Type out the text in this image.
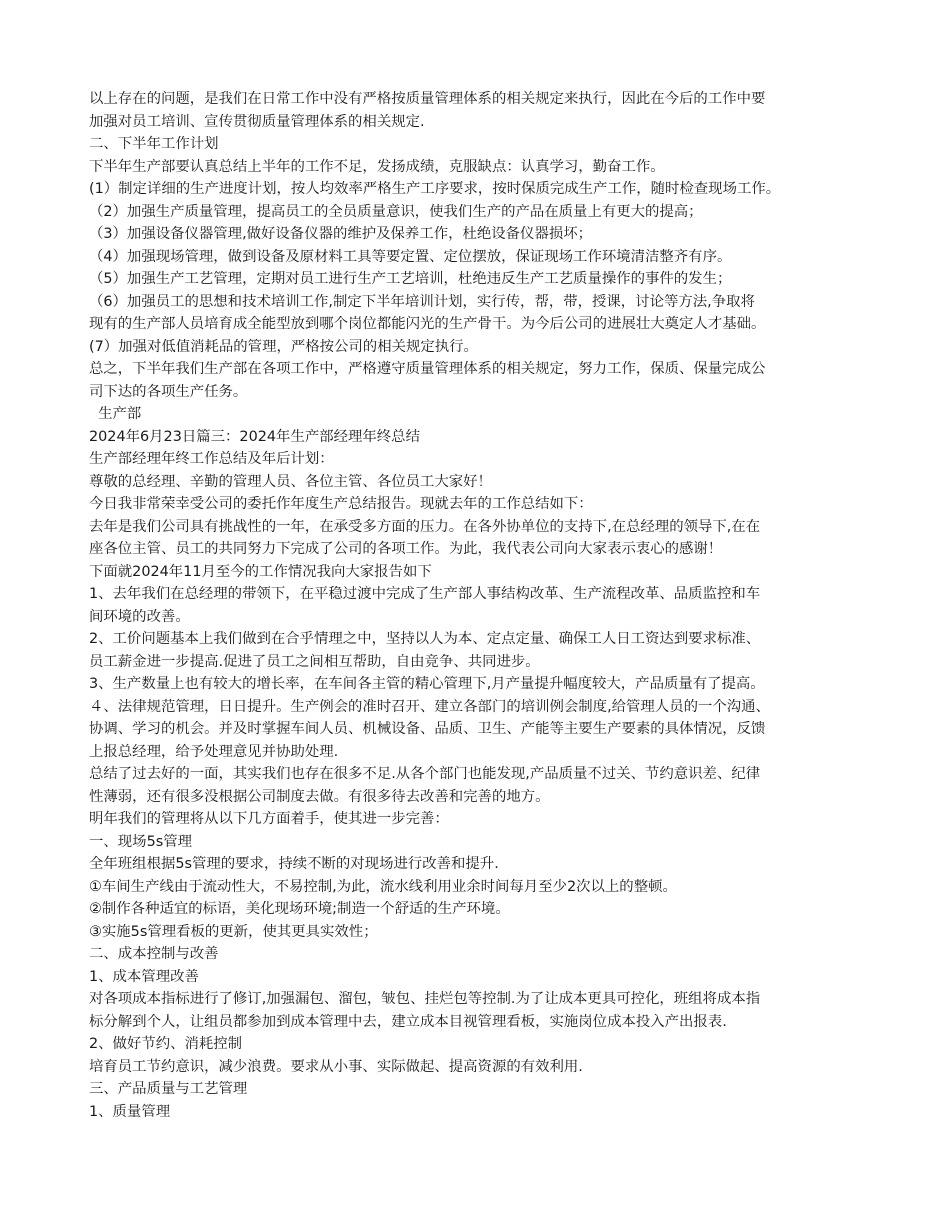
以上存在的问题，是我们在日常工作中没有严格按质量管理体系的相关规定来执行，因此在今后的工作中要
加强对员工培训、宣传贯彻质量管理体系的相关规定.
二、下半年工作计划
下半年生产部要认真总结上半年的工作不足，发扬成绩，克服缺点：认真学习，勤奋工作。
(1）制定详细的生产进度计划，按人均效率严格生产工序要求，按时保质完成生产工作，随时检查现场工作。
（2）加强生产质量管理，提高员工的全员质量意识，使我们生产的产品在质量上有更大的提高；
（3）加强设备仪器管理,做好设备仪器的维护及保养工作，杜绝设备仪器损坏；
（4）加强现场管理，做到设备及原材料工具等要定置、定位摆放，保证现场工作环境清洁整齐有序。
（5）加强生产工艺管理，定期对员工进行生产工艺培训，杜绝违反生产工艺质量操作的事件的发生；
（6）加强员工的思想和技术培训工作,制定下半年培训计划，实行传，帮，带，授课，讨论等方法,争取将
现有的生产部人员培育成全能型放到哪个岗位都能闪光的生产骨干。为今后公司的进展壮大奠定人才基础。
(7）加强对低值消耗品的管理，严格按公司的相关规定执行。
总之，下半年我们生产部在各项工作中，严格遵守质量管理体系的相关规定，努力工作，保质、保量完成公
司下达的各项生产任务。
生产部
2024年6月23日篇三：2024年生产部经理年终总结
生产部经理年终工作总结及年后计划：
尊敬的总经理、辛勤的管理人员、各位主管、各位员工大家好！
今日我非常荣幸受公司的委托作年度生产总结报告。现就去年的工作总结如下：
去年是我们公司具有挑战性的一年，在承受多方面的压力。在各外协单位的支持下,在总经理的领导下,在在
座各位主管、员工的共同努力下完成了公司的各项工作。为此，我代表公司向大家表示衷心的感谢！
下面就2024年11月至今的工作情况我向大家报告如下
1、去年我们在总经理的带领下，在平稳过渡中完成了生产部人事结构改革、生产流程改革、品质监控和车
间环境的改善。
2、工价问题基本上我们做到在合乎情理之中，坚持以人为本、定点定量、确保工人日工资达到要求标准、
员工薪金进一步提高.促进了员工之间相互帮助，自由竞争、共同进步。
3、生产数量上也有较大的增长率，在车间各主管的精心管理下,月产量提升幅度较大，产品质量有了提高。
４、法律规范管理，日日提升。生产例会的准时召开、建立各部门的培训例会制度,给管理人员的一个沟通、
协调、学习的机会。并及时掌握车间人员、机械设备、品质、卫生、产能等主要生产要素的具体情况，反馈
上报总经理，给予处理意见并协助处理.
总结了过去好的一面，其实我们也存在很多不足.从各个部门也能发现,产品质量不过关、节约意识差、纪律
性薄弱，还有很多没根据公司制度去做。有很多待去改善和完善的地方。
明年我们的管理将从以下几方面着手，使其进一步完善：
一、现场5s管理
全年班组根据5s管理的要求，持续不断的对现场进行改善和提升.
①车间生产线由于流动性大，不易控制,为此，流水线利用业余时间每月至少2次以上的整顿。
②制作各种适宜的标语，美化现场环境;制造一个舒适的生产环境。
③实施5s管理看板的更新，使其更具实效性；
二、成本控制与改善
1、成本管理改善
对各项成本指标进行了修订,加强漏包、溜包，皱包、挂烂包等控制.为了让成本更具可控化，班组将成本指
标分解到个人，让组员都参加到成本管理中去，建立成本目视管理看板，实施岗位成本投入产出报表.
2、做好节约、消耗控制
培育员工节约意识，减少浪费。要求从小事、实际做起、提高资源的有效利用.
三、产品质量与工艺管理
1、质量管理
